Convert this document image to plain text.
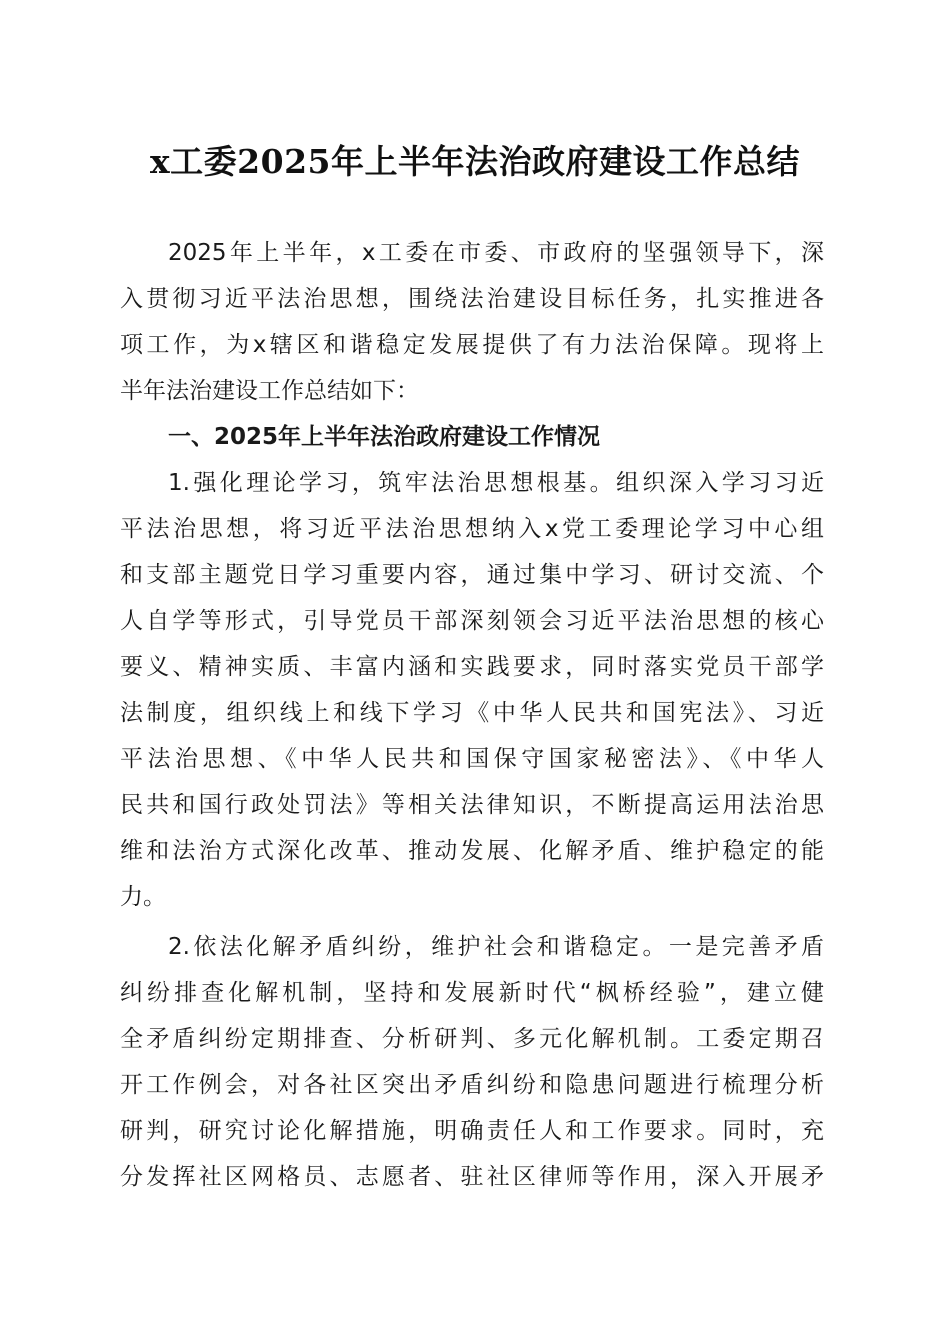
x工委2025年上半年法治政府建设工作总结
2025年上半年，x工委在市委、市政府的坚强领导下，深
入贯彻习近平法治思想，围绕法治建设目标任务，扎实推进各
项工作，为x辖区和谐稳定发展提供了有力法治保障。现将上
半年法治建设工作总结如下：
一、2025年上半年法治政府建设工作情况
1.强化理论学习，筑牢法治思想根基。组织深入学习习近
平法治思想，将习近平法治思想纳入x党工委理论学习中心组
和支部主题党日学习重要内容，通过集中学习、研讨交流、个
人自学等形式，引导党员干部深刻领会习近平法治思想的核心
要义、精神实质、丰富内涵和实践要求，同时落实党员干部学
法制度，组织线上和线下学习《中华人民共和国宪法》、习近
平法治思想、《中华人民共和国保守国家秘密法》、《中华人
民共和国行政处罚法》等相关法律知识，不断提高运用法治思
维和法治方式深化改革、推动发展、化解矛盾、维护稳定的能
力。
2.依法化解矛盾纠纷，维护社会和谐稳定。一是完善矛盾
纠纷排查化解机制，坚持和发展新时代“枫桥经验”，建立健
全矛盾纠纷定期排查、分析研判、多元化解机制。工委定期召
开工作例会，对各社区突出矛盾纠纷和隐患问题进行梳理分析
研判，研究讨论化解措施，明确责任人和工作要求。同时，充
分发挥社区网格员、志愿者、驻社区律师等作用，深入开展矛
